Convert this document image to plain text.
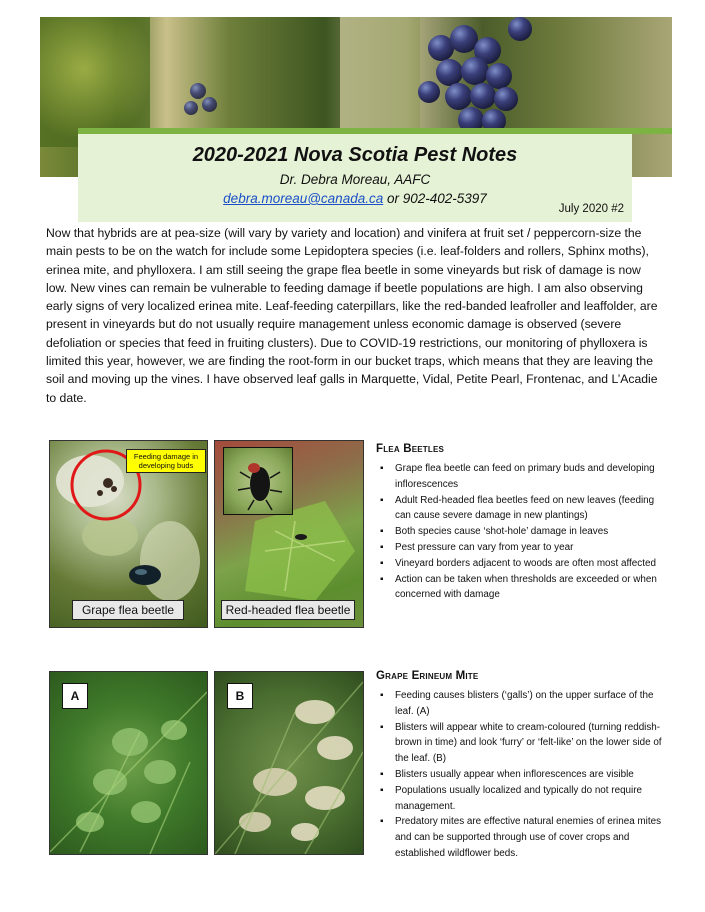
2020-2021 Nova Scotia Pest Notes
Dr. Debra Moreau, AAFC
debra.moreau@canada.ca or 902-402-5397
July 2020 #2

Now that hybrids are at pea-size (will vary by variety and location) and vinifera at fruit set / peppercorn-size the main pests to be on the watch for include some Lepidoptera species (i.e. leaf-folders and rollers, Sphinx moths), erinea mite, and phylloxera. I am still seeing the grape flea beetle in some vineyards but risk of damage is now low. New vines can remain be vulnerable to feeding damage if beetle populations are high. I am also observing early signs of very localized erinea mite. Leaf-feeding caterpillars, like the red-banded leafroller and leaffolder, are present in vineyards but do not usually require management unless economic damage is observed (severe defoliation or species that feed in fruiting clusters). Due to COVID-19 restrictions, our monitoring of phylloxera is limited this year, however, we are finding the root-form in our bucket traps, which means that they are leaving the soil and moving up the vines. I have observed leaf galls in Marquette, Vidal, Petite Pearl, Frontenac, and L’Acadie to date.

Feeding damage in developing buds
Grape flea beetle	Red-headed flea beetle
Flea Beetles
▪ Grape flea beetle can feed on primary buds and developing inflorescences
▪ Adult Red-headed flea beetles feed on new leaves (feeding can cause severe damage in new plantings)
▪ Both species cause ‘shot-hole’ damage in leaves
▪ Pest pressure can vary from year to year
▪ Vineyard borders adjacent to woods are often most affected
▪ Action can be taken when thresholds are exceeded or when concerned with damage
A	B
Grape Erineum Mite
▪ Feeding causes blisters (‘galls’) on the upper surface of the leaf. (A)
▪ Blisters will appear white to cream-coloured (turning reddish-brown in time) and look ‘furry’ or ‘felt-like’ on the lower side of the leaf. (B)
▪ Blisters usually appear when inflorescences are visible
▪ Populations usually localized and typically do not require management.
▪ Predatory mites are effective natural enemies of erinea mites and can be supported through use of cover crops and established wildflower beds.
